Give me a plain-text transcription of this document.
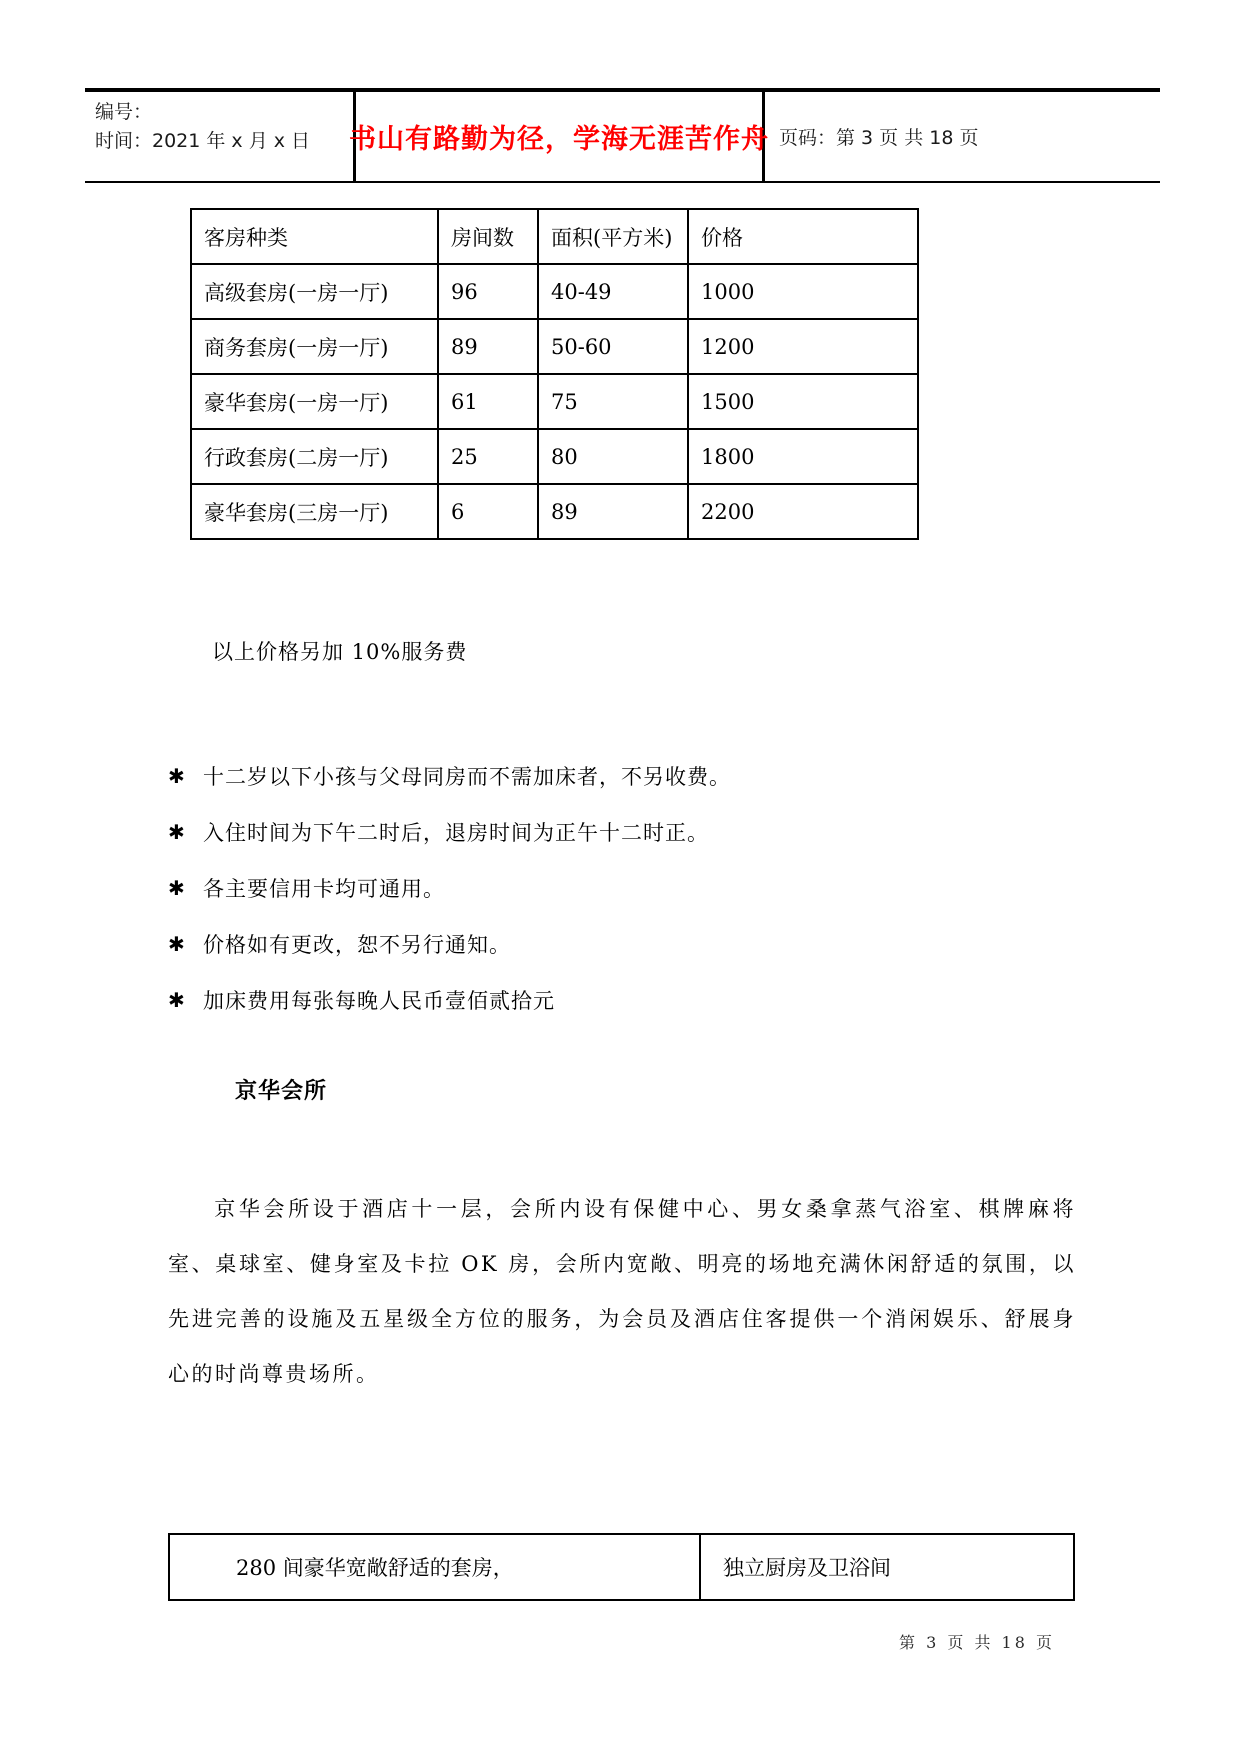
编号：
时间：2021 年 x 月 x 日	书山有路勤为径，学海无涯苦作舟 页码：第 3 页 共 18 页
客房种类	房间数	面积(平方米)	价格
高级套房(一房一厅)	96	40-49	1000
商务套房(一房一厅)	89	50-60	1200
豪华套房(一房一厅)	61	75	1500
行政套房(二房一厅)	25	80	1800
豪华套房(三房一厅)	6	89	2200
以上价格另加 10%服务费
✱ 十二岁以下小孩与父母同房而不需加床者，不另收费。
✱ 入住时间为下午二时后，退房时间为正午十二时正。
✱ 各主要信用卡均可通用。
✱ 价格如有更改，恕不另行通知。
✱ 加床费用每张每晚人民币壹佰贰拾元
京华会所
京华会所设于酒店十一层，会所内设有保健中心、男女桑拿蒸气浴室、棋牌麻将室、桌球室、健身室及卡拉 OK 房，会所内宽敞、明亮的场地充满休闲舒适的氛围，以先进完善的设施及五星级全方位的服务，为会员及酒店住客提供一个消闲娱乐、舒展身心的时尚尊贵场所。
280 间豪华宽敞舒适的套房，	独立厨房及卫浴间
第 3 页 共 18 页
